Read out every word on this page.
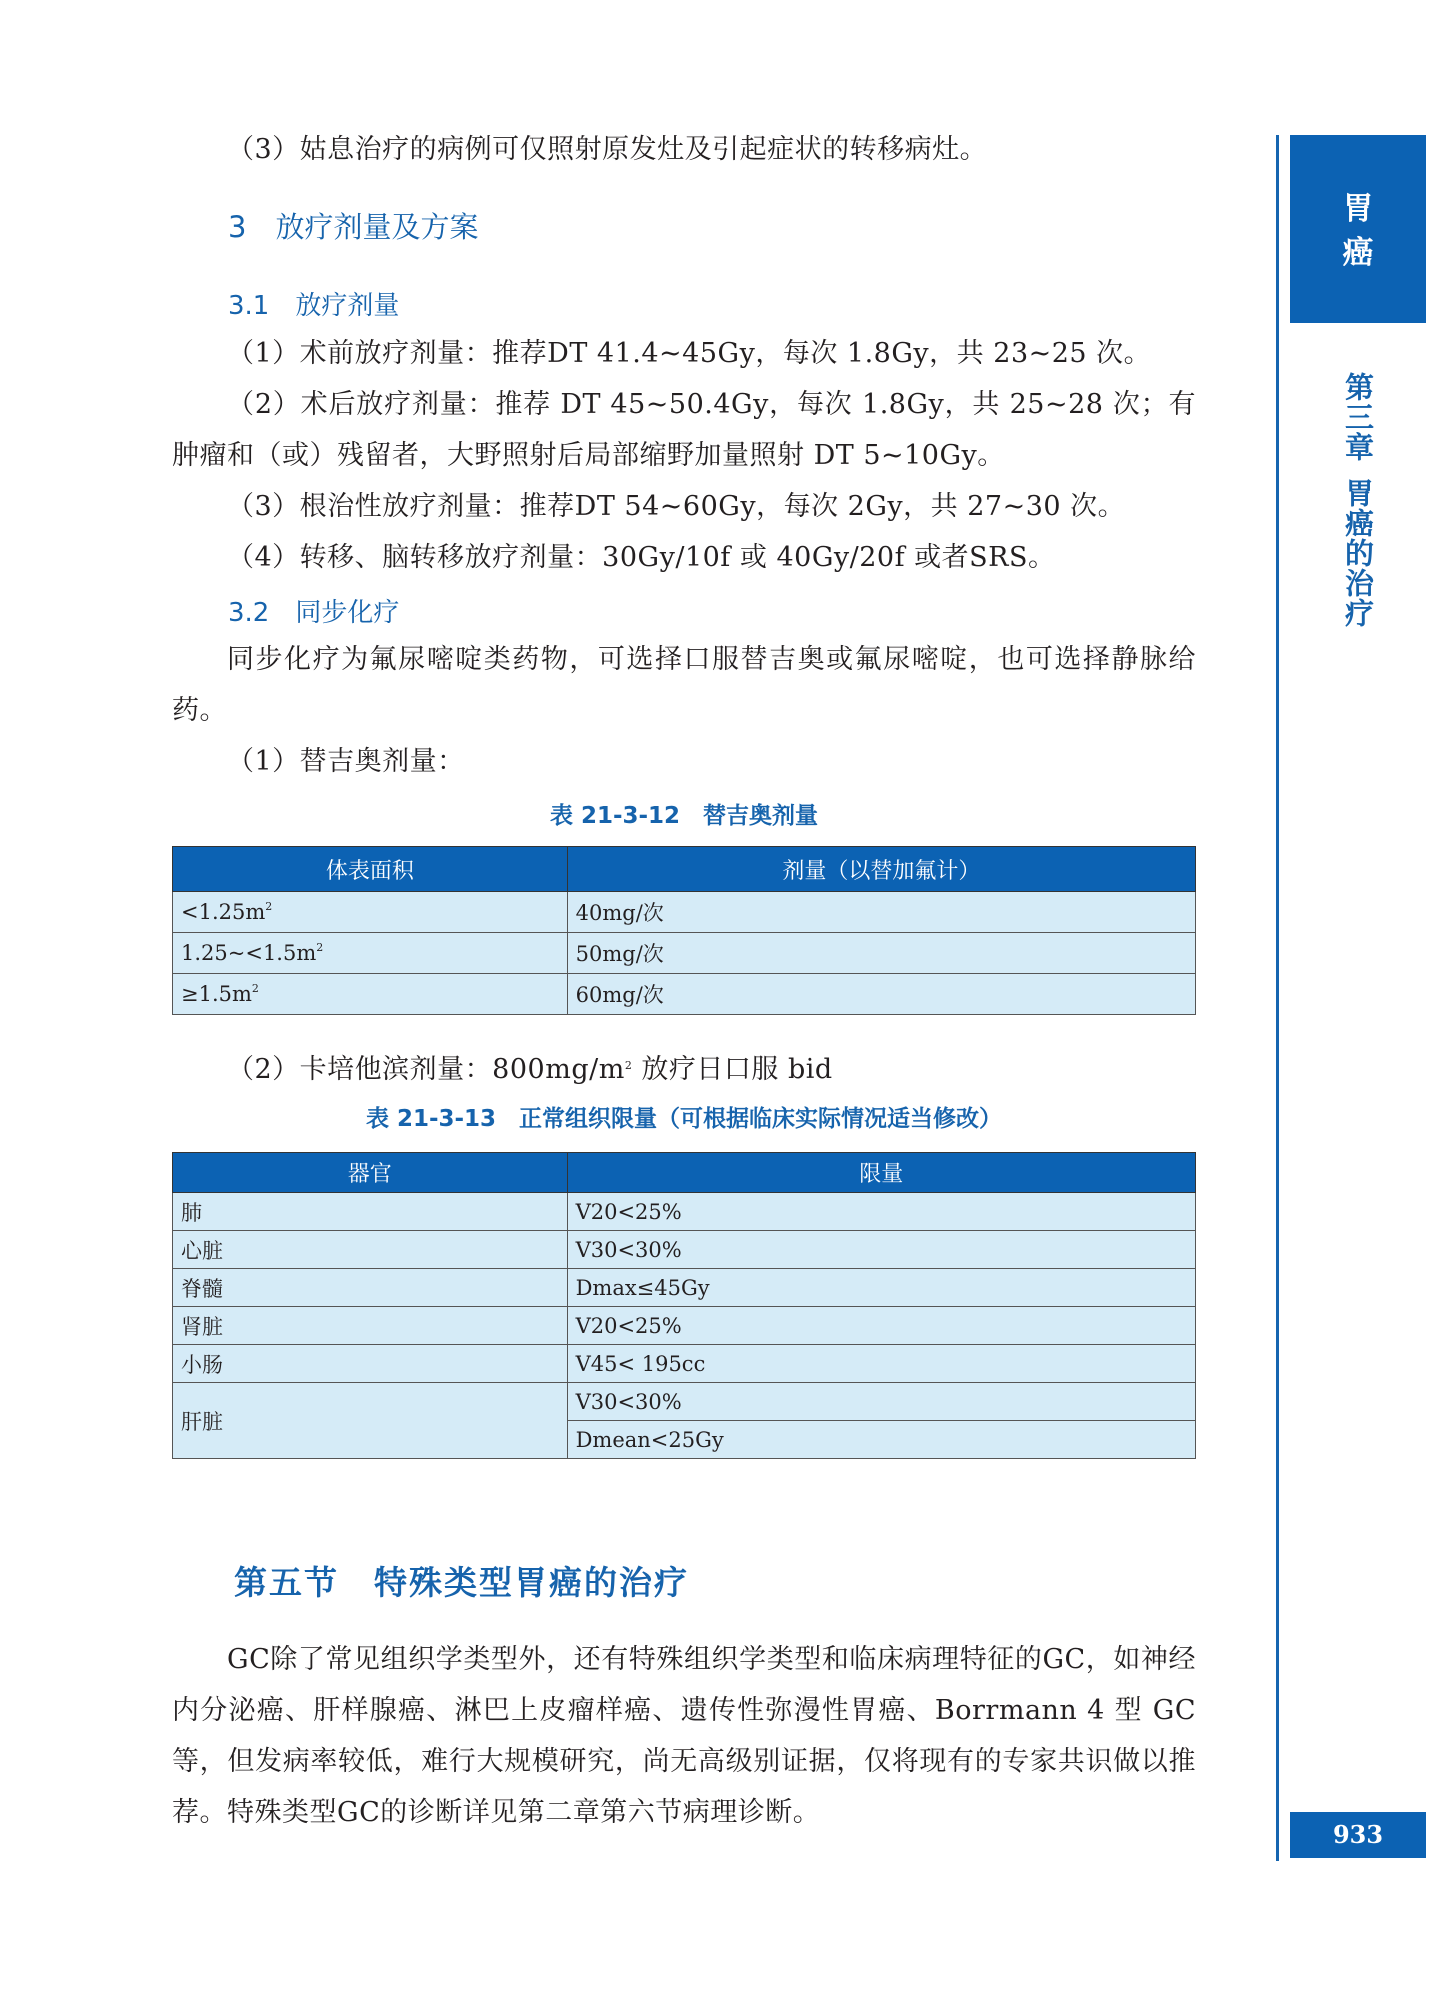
（3）姑息治疗的病例可仅照射原发灶及引起症状的转移病灶。
3　放疗剂量及方案
3.1　放疗剂量
（1）术前放疗剂量：推荐DT 41.4~45Gy，每次 1.8Gy，共 23~25 次。
（2）术后放疗剂量：推荐 DT 45~50.4Gy，每次 1.8Gy，共 25~28 次；有肿瘤和（或）残留者，大野照射后局部缩野加量照射 DT 5~10Gy。
（3）根治性放疗剂量：推荐DT 54~60Gy，每次 2Gy，共 27~30 次。
（4）转移、脑转移放疗剂量：30Gy/10f 或 40Gy/20f 或者SRS。
3.2　同步化疗
同步化疗为氟尿嘧啶类药物，可选择口服替吉奥或氟尿嘧啶，也可选择静脉给药。
（1）替吉奥剂量：
表 21-3-12　替吉奥剂量
体表面积	剂量（以替加氟计）
$<1.25m^2$	40mg/次
$1.25\sim<1.5m^2$	50mg/次
$\ge 1.5m^2$	60mg/次
（2）卡培他滨剂量：$800mg/m^2$ 放疗日口服 bid
表 21-3-13　正常组织限量（可根据临床实际情况适当修改）
器官	限量
肺	V20<25%
心脏	V30<30%
脊髓	Dmax≤45Gy
肾脏	V20<25%
小肠	V45< 195cc
肝脏	V30<30%
	Dmean<25Gy
第五节　特殊类型胃癌的治疗
GC除了常见组织学类型外，还有特殊组织学类型和临床病理特征的GC，如神经内分泌癌、肝样腺癌、淋巴上皮瘤样癌、遗传性弥漫性胃癌、Borrmann 4 型 GC 等，但发病率较低，难行大规模研究，尚无高级别证据，仅将现有的专家共识做以推荐。特殊类型GC的诊断详见第二章第六节病理诊断。
胃
癌
第三章
胃癌的治疗
933
